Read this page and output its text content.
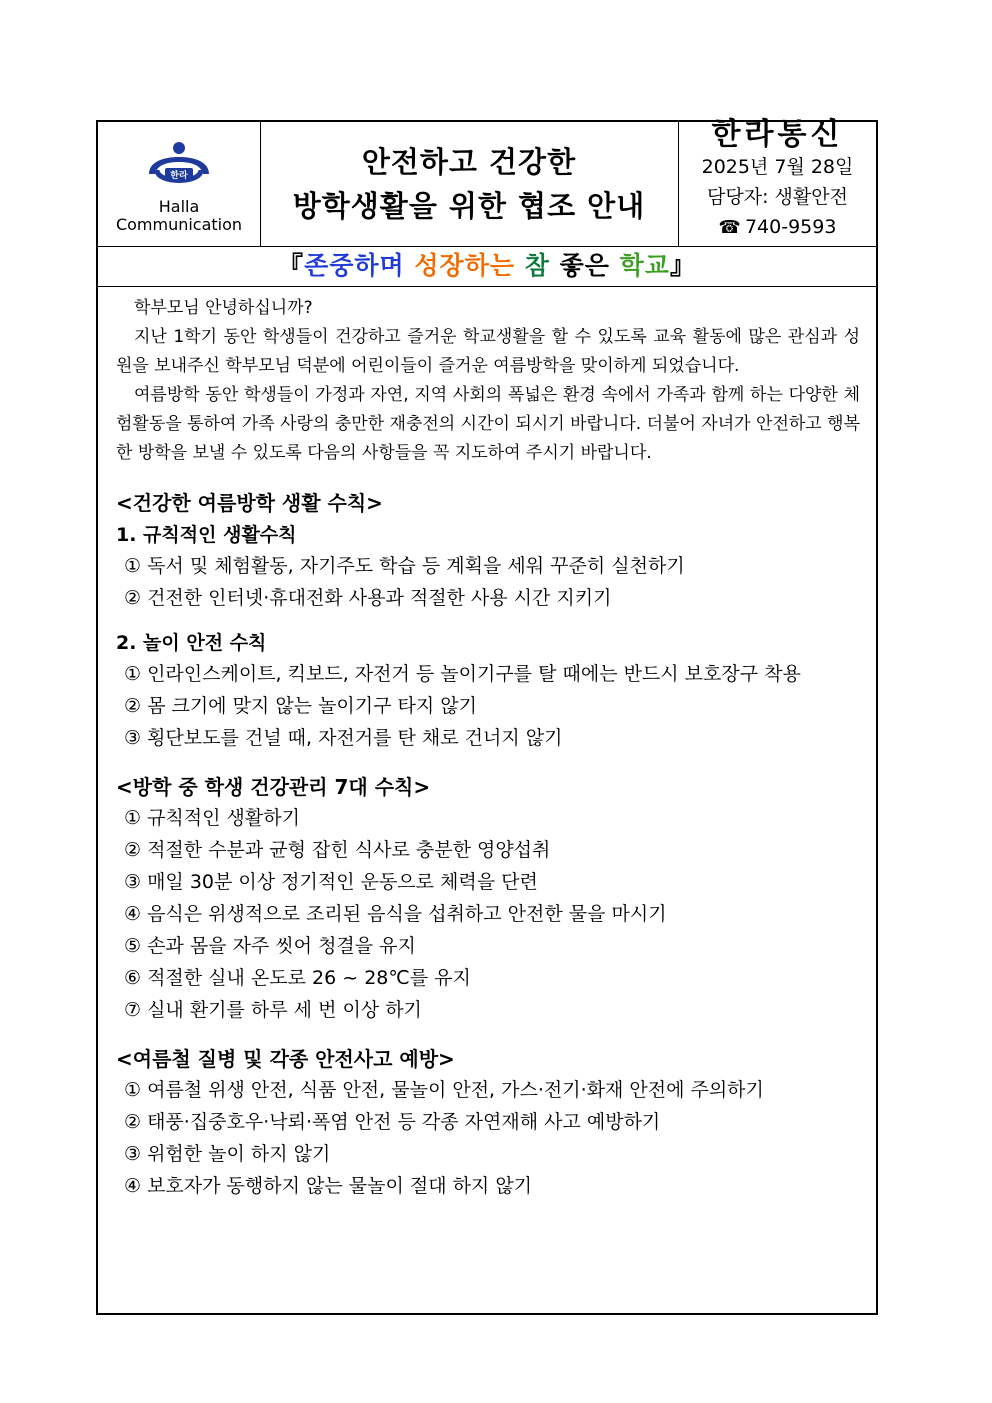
한라
Halla
Communication
안전하고 건강한
방학생활을 위한 협조 안내
한라통신
2025년 7월 28일
담당자: 생활안전
☎ 740-9593
『존중하며 성장하는 참 좋은 학교』

학부모님 안녕하십니까?

지난 1학기 동안 학생들이 건강하고 즐거운 학교생활을 할 수 있도록 교육 활동에 많은 관심과 성원을 보내주신 학부모님 덕분에 어린이들이 즐거운 여름방학을 맞이하게 되었습니다.

여름방학 동안 학생들이 가정과 자연, 지역 사회의 폭넓은 환경 속에서 가족과 함께 하는 다양한 체험활동을 통하여 가족 사랑의 충만한 재충전의 시간이 되시기 바랍니다. 더불어 자녀가 안전하고 행복한 방학을 보낼 수 있도록 다음의 사항들을 꼭 지도하여 주시기 바랍니다.

<건강한 여름방학 생활 수칙>

1. 규칙적인 생활수칙

① 독서 및 체험활동, 자기주도 학습 등 계획을 세워 꾸준히 실천하기

② 건전한 인터넷·휴대전화 사용과 적절한 사용 시간 지키기

2. 놀이 안전 수칙

① 인라인스케이트, 킥보드, 자전거 등 놀이기구를 탈 때에는 반드시 보호장구 착용

② 몸 크기에 맞지 않는 놀이기구 타지 않기

③ 횡단보도를 건널 때, 자전거를 탄 채로 건너지 않기

<방학 중 학생 건강관리 7대 수칙>

① 규칙적인 생활하기

② 적절한 수분과 균형 잡힌 식사로 충분한 영양섭취

③ 매일 30분 이상 정기적인 운동으로 체력을 단련

④ 음식은 위생적으로 조리된 음식을 섭취하고 안전한 물을 마시기

⑤ 손과 몸을 자주 씻어 청결을 유지

⑥ 적절한 실내 온도로 26 ~ 28℃를 유지

⑦ 실내 환기를 하루 세 번 이상 하기

<여름철 질병 및 각종 안전사고 예방>

① 여름철 위생 안전, 식품 안전, 물놀이 안전, 가스·전기·화재 안전에 주의하기

② 태풍·집중호우·낙뢰·폭염 안전 등 각종 자연재해 사고 예방하기

③ 위험한 놀이 하지 않기

④ 보호자가 동행하지 않는 물놀이 절대 하지 않기
